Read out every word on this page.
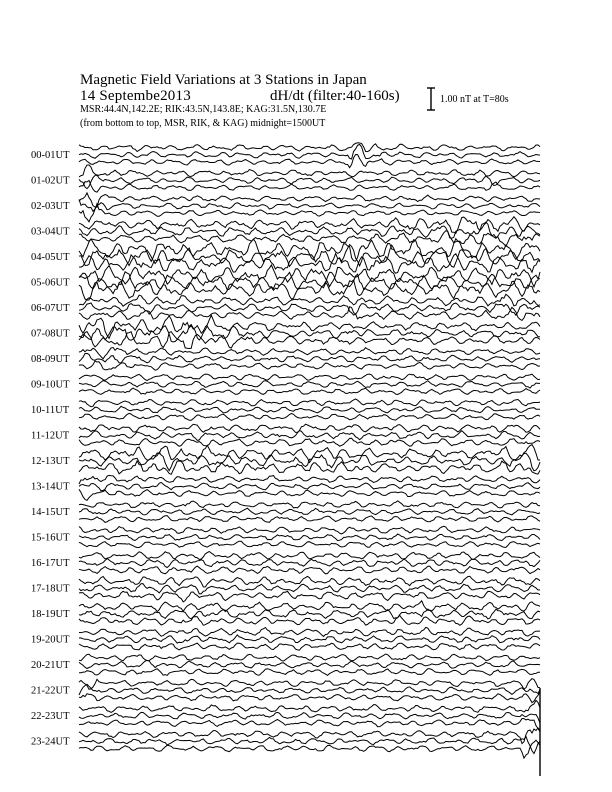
Magnetic Field Variations at 3 Stations in Japan
14 Septembe2013	dH/dt (filter:40-160s)
MSR:44.4N,142.2E; RIK:43.5N,143.8E; KAG:31.5N,130.7E
(from bottom to top, MSR, RIK, & KAG) midnight=1500UT
1.00 nT at T=80s
00-01UT
01-02UT
02-03UT
03-04UT
04-05UT
05-06UT
06-07UT
07-08UT
08-09UT
09-10UT
10-11UT
11-12UT
12-13UT
13-14UT
14-15UT
15-16UT
16-17UT
17-18UT
18-19UT
19-20UT
20-21UT
21-22UT
22-23UT
23-24UT
